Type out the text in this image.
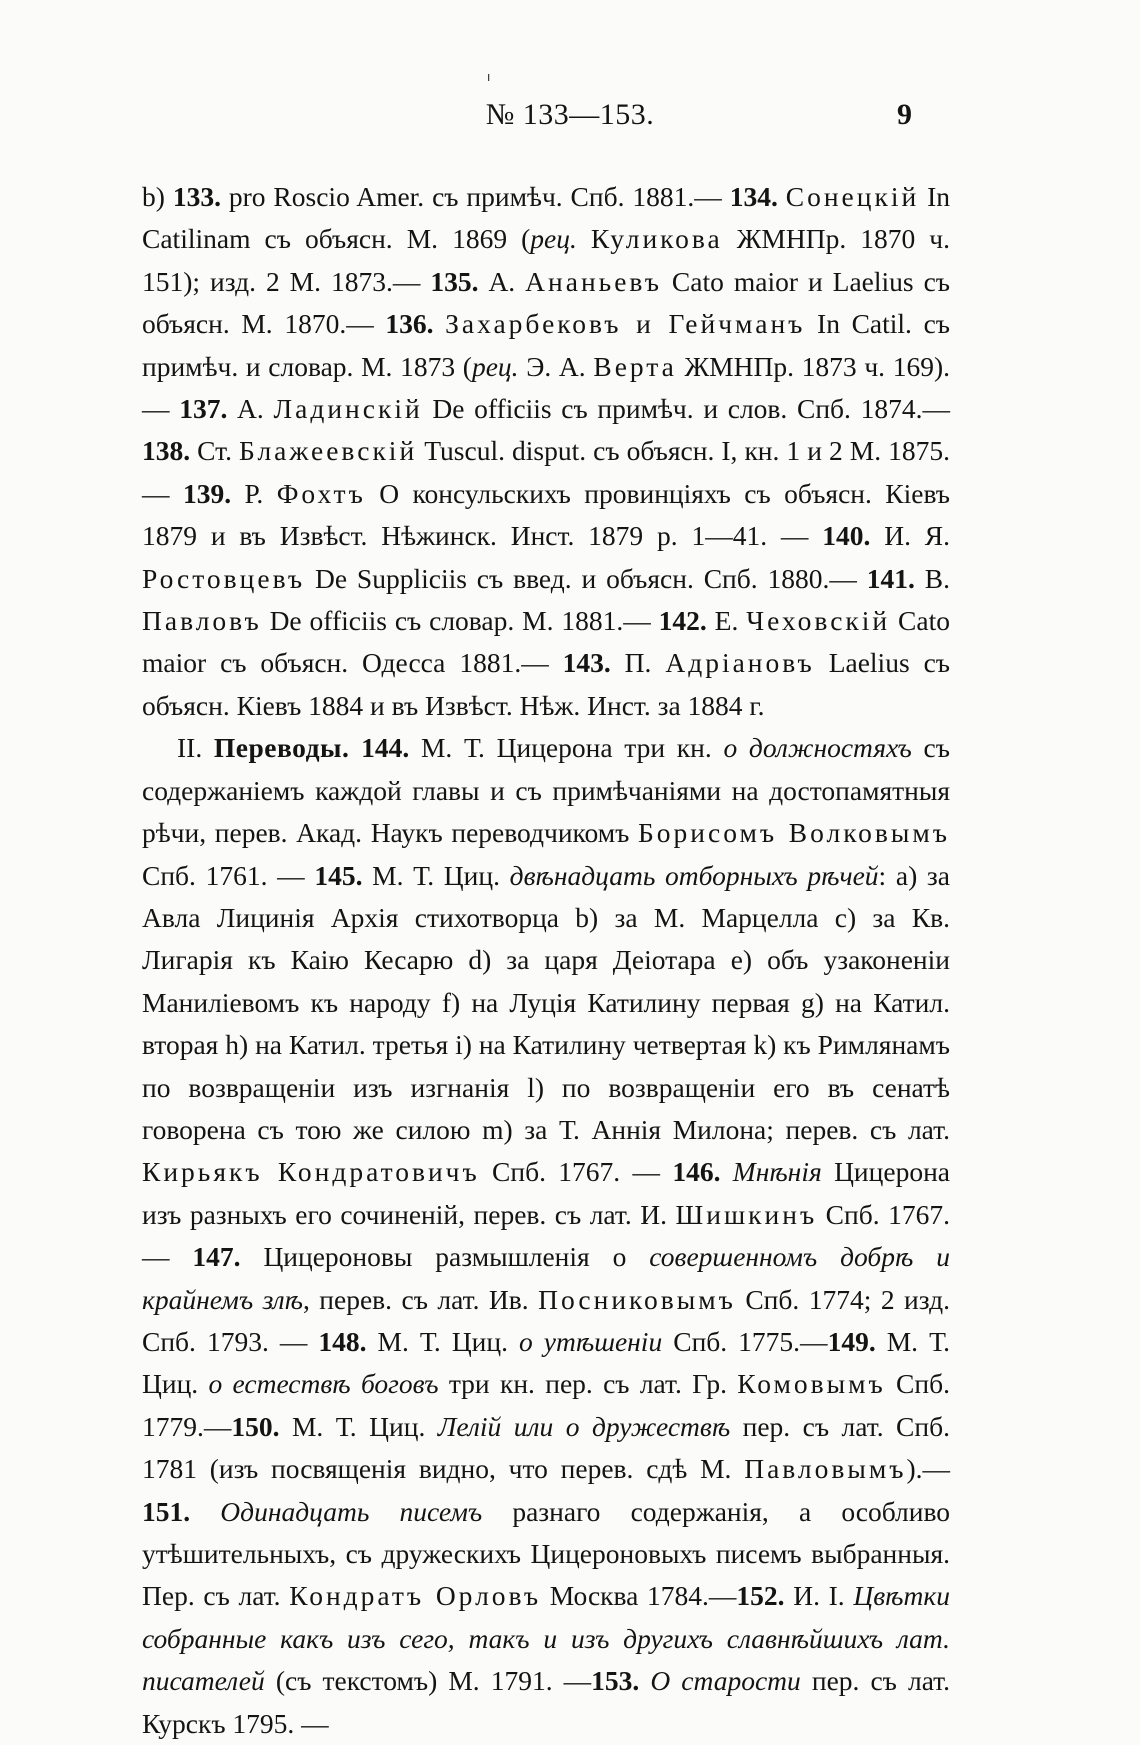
№ 133—153.	9

b) 133. pro Roscio Amer. съ примѣч. Спб. 1881.— 134. Сонецкій In Catilinam съ объясн. М. 1869 (рец. Куликова ЖМНПр. 1870 ч. 151); изд. 2 М. 1873.— 135. А. Ананьевъ Cato maior и Laelius съ объясн. М. 1870.— 136. Захарбековъ и Гейчманъ In Catil. съ примѣч. и словар. М. 1873 (рец. Э. А. Верта ЖМНПр. 1873 ч. 169).— 137. А. Ладинскій De officiis съ примѣч. и слов. Спб. 1874.— 138. Ст. Блажеевскій Tuscul. disput. съ объясн. I, кн. 1 и 2 М. 1875.— 139. Р. Фохтъ О консульскихъ провинціяхъ съ объясн. Кіевъ 1879 и въ Извѣст. Нѣжинск. Инст. 1879 р. 1—41. — 140. И. Я. Ростовцевъ De Suppliciis съ введ. и объясн. Спб. 1880.— 141. В. Павловъ De officiis съ словар. М. 1881.— 142. Е. Чеховскій Cato maior съ объясн. Одесса 1881.— 143. П. Адріановъ Laelius съ объясн. Кіевъ 1884 и въ Извѣст. Нѣж. Инст. за 1884 г.

II. Переводы. 144. М. Т. Цицерона три кн. о должностяхъ съ содержаніемъ каждой главы и съ примѣчаніями на достопамятныя рѣчи, перев. Акад. Наукъ переводчикомъ Борисомъ Волковымъ Спб. 1761. — 145. М. Т. Циц. двѣнадцать отборныхъ рѣчей: а) за Авла Лицинія Архія стихотворца b) за М. Марцелла с) за Кв. Лигарія къ Каію Кесарю d) за царя Деіотара е) объ узаконеніи Маниліевомъ къ народу f) на Луція Катилину первая g) на Катил. вторая h) на Катил. третья i) на Катилину четвертая k) къ Римлянамъ по возвращеніи изъ изгнанія l) по возвращеніи его въ сенатѣ говорена съ тою же силою m) за Т. Аннія Милона; перев. съ лат. Кирьякъ Кондратовичъ Спб. 1767. — 146. Мнѣнія Цицерона изъ разныхъ его сочиненій, перев. съ лат. И. Шишкинъ Спб. 1767.— 147. Цицероновы размышленія о совершенномъ добрѣ и крайнемъ злѣ, перев. съ лат. Ив. Посниковымъ Спб. 1774; 2 изд. Спб. 1793. — 148. М. Т. Циц. о утѣшеніи Спб. 1775.—149. М. Т. Циц. о естествѣ боговъ три кн. пер. съ лат. Гр. Комовымъ Спб. 1779.—150. М. Т. Циц. Лелій или о дружествѣ пер. съ лат. Спб. 1781 (изъ посвященія видно, что перев. сдѣ М. Павловымъ).—151. Одинадцать писемъ разнаго содержанія, а особливо утѣшительныхъ, съ дружескихъ Цицероновыхъ писемъ выбранныя. Пер. съ лат. Кондратъ Орловъ Москва 1784.—152. И. I. Цвѣтки собранные какъ изъ сего, такъ и изъ другихъ славнѣйшихъ лат. писателей (съ текстомъ) М. 1791. —153. О старости пер. съ лат. Курскъ 1795. —

ı
